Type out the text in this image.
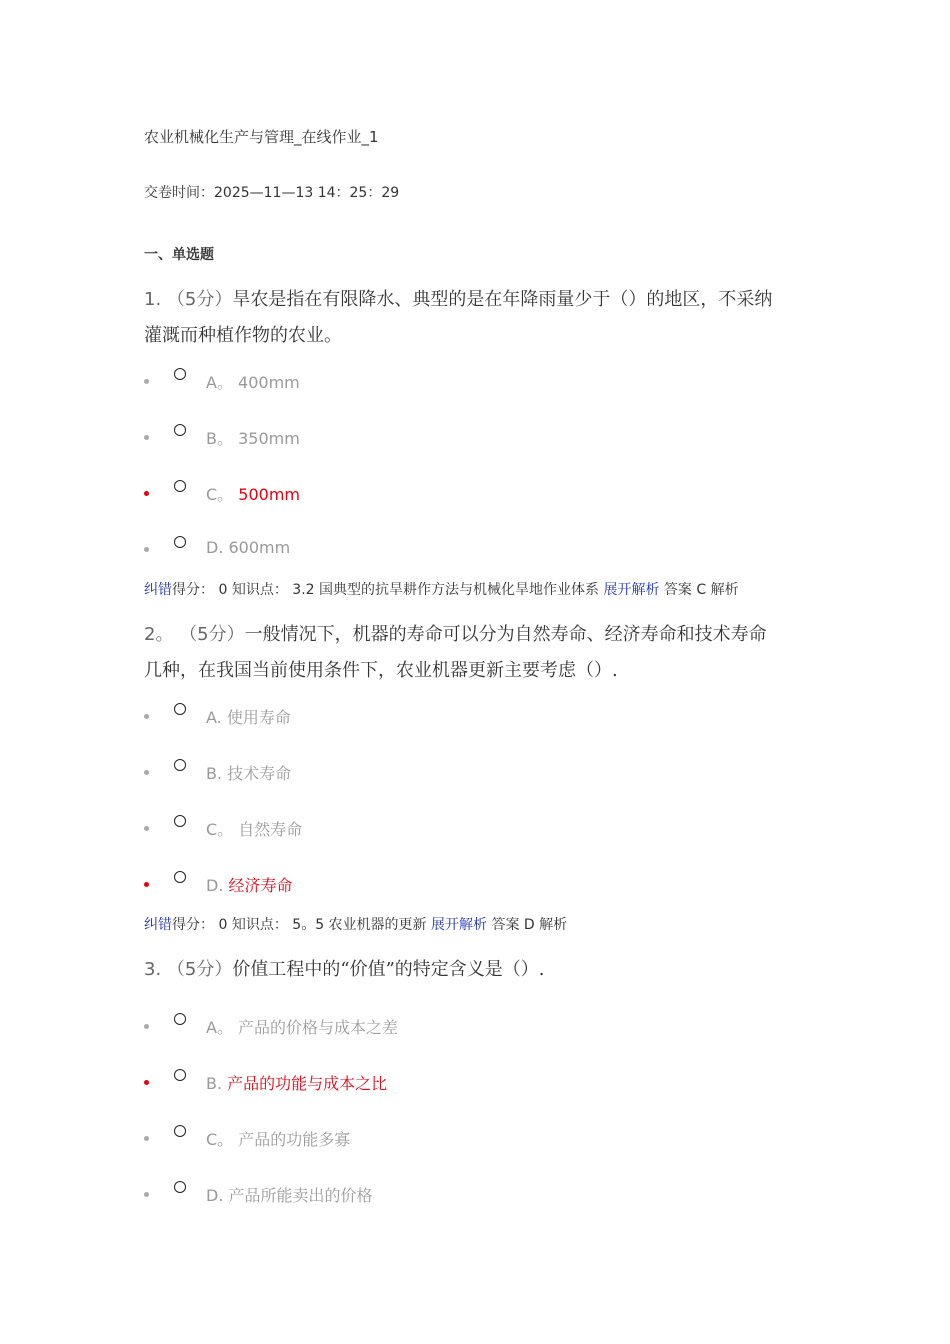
农业机械化生产与管理_在线作业_1
交卷时间：2025—11—13 14：25：29
一、单选题
1. （5分）旱农是指在有限降水、典型的是在年降雨量少于（）的地区，不采纳
灌溉而种植作物的农业。
A。 400mm
B。 350mm
C。 500mm
D. 600mm
纠错得分： 0 知识点： 3.2 国典型的抗旱耕作方法与机械化旱地作业体系 展开解析 答案 C 解析
2。 （5分）一般情况下，机器的寿命可以分为自然寿命、经济寿命和技术寿命
几种，在我国当前使用条件下，农业机器更新主要考虑（）.
A. 使用寿命
B. 技术寿命
C。 自然寿命
D. 经济寿命
纠错得分： 0 知识点： 5。5 农业机器的更新 展开解析 答案 D 解析
3. （5分）价值工程中的“价值”的特定含义是（）.
A。 产品的价格与成本之差
B. 产品的功能与成本之比
C。 产品的功能多寡
D. 产品所能卖出的价格
